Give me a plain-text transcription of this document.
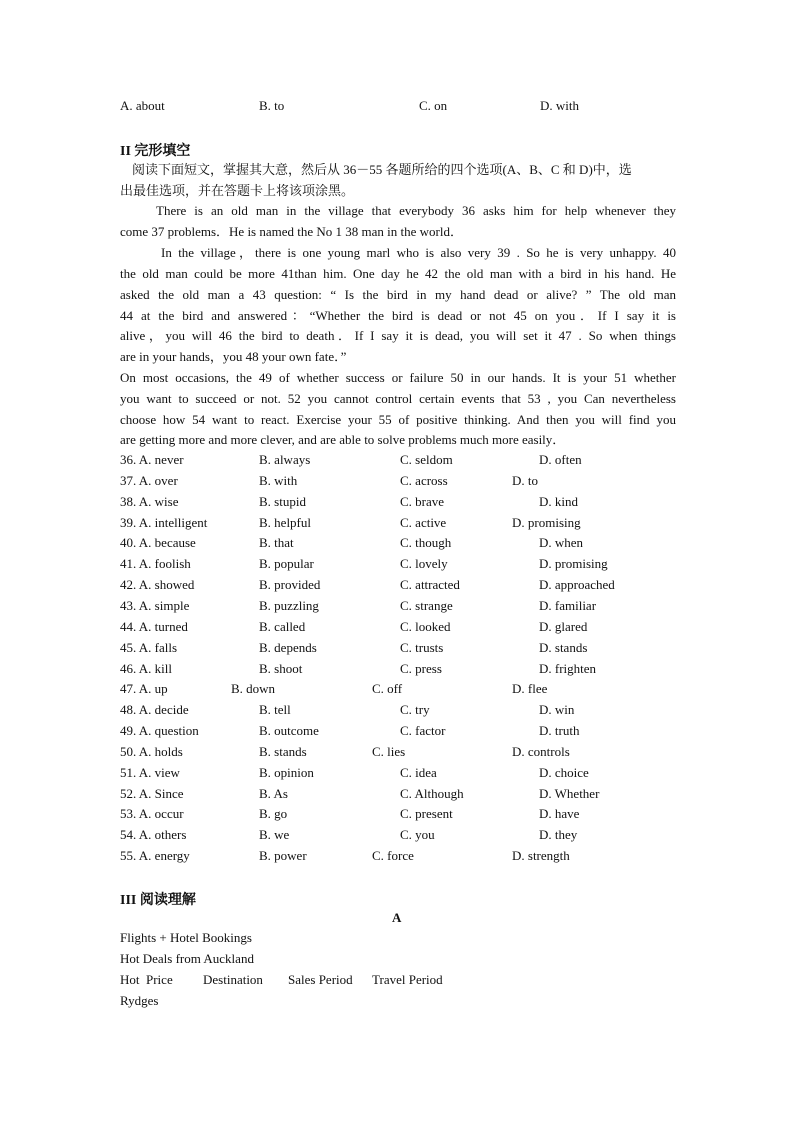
A. about	B. to	C. on	D. with
II 完形填空
阅读下面短文，掌握其大意，然后从 36－55 各题所给的四个选项(A、B、C 和 D)中，选
出最佳选项，并在答题卡上将该项涂黑。
There is an old man in the village that everybody 36 asks him for help whenever they
come 37 problems．He is named the No 1 38 man in the world．
In the village，there is one young marl who is also very 39 . So he is very unhappy. 40
the old man could be more 41than him. One day he 42 the old man with a bird in his hand. He
asked the old man a 43 question: “ Is the bird in my hand dead or alive? ” The old man
44 at the bird and answered：“Whether the bird is dead or not 45 on you．If I say it is
alive，you will 46 the bird to death．If I say it is dead, you will set it 47 . So when things
are in your hands，you 48 your own fate．”
On most occasions, the 49 of whether success or failure 50 in our hands. It is your 51 whether
you want to succeed or not. 52 you cannot control certain events that 53 , you Can nevertheless
choose how 54 want to react. Exercise your 55 of positive thinking. And then you will find you
are getting more and more clever, and are able to solve problems much more easily．
36. A. never	B. always	C. seldom	D. often
37. A. over	B. with	C. across	D. to
38. A. wise	B. stupid	C. brave	D. kind
39. A. intelligent	B. helpful	C. active	D. promising
40. A. because	B. that	C. though	D. when
41. A. foolish	B. popular	C. lovely	D. promising
42. A. showed	B. provided	C. attracted	D. approached
43. A. simple	B. puzzling	C. strange	D. familiar
44. A. turned	B. called	C. looked	D. glared
45. A. falls	B. depends	C. trusts	D. stands
46. A. kill	B. shoot	C. press	D. frighten
47. A. up	B. down	C. off	D. flee
48. A. decide	B. tell	C. try	D. win
49. A. question	B. outcome	C. factor	D. truth
50. A. holds	B. stands	C. lies	D. controls
51. A. view	B. opinion	C. idea	D. choice
52. A. Since	B. As	C. Although	D. Whether
53. A. occur	B. go	C. present	D. have
54. A. others	B. we	C. you	D. they
55. A. energy	B. power	C. force	D. strength
III 阅读理解
A
Flights + Hotel Bookings
Hot Deals from Auckland
Hot  Price Destination Sales Period Travel Period
Rydges
